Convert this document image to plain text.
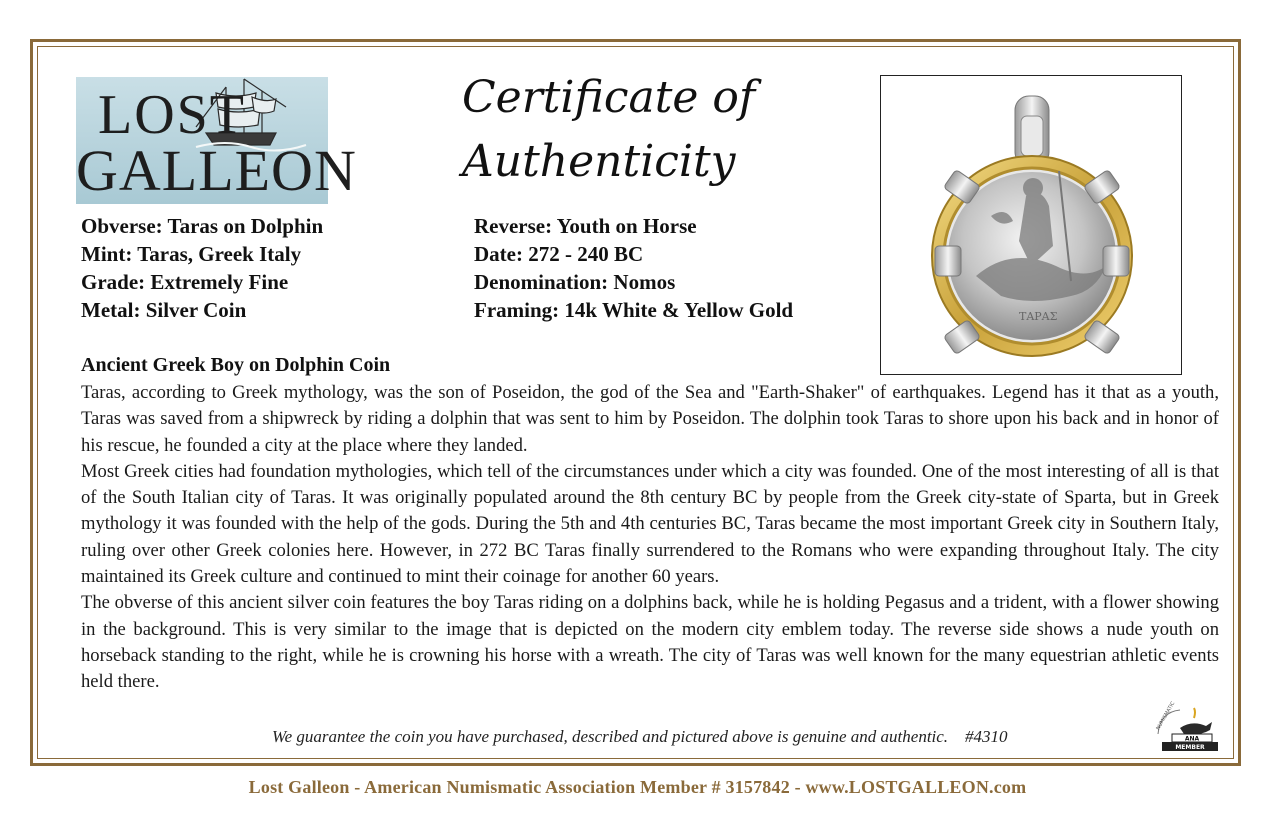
LOST
GALLEON
Certificate of
Authenticity
ΤΑΡΑΣ
Obverse: Taras on Dolphin
Mint: Taras, Greek Italy
Grade: Extremely Fine
Metal: Silver Coin
Reverse: Youth on Horse
Date: 272 - 240 BC
Denomination: Nomos
Framing: 14k White & Yellow Gold
Ancient Greek Boy on Dolphin Coin

Taras, according to Greek mythology, was the son of Poseidon, the god of the Sea and "Earth-Shaker" of earthquakes. Legend has it that as a youth, Taras was saved from a shipwreck by riding a dolphin that was sent to him by Poseidon. The dolphin took Taras to shore upon his back and in honor of his rescue, he founded a city at the place where they landed.

Most Greek cities had foundation mythologies, which tell of the circumstances under which a city was founded. One of the most interesting of all is that of the South Italian city of Taras. It was originally populated around the 8th century BC by people from the Greek city-state of Sparta, but in Greek mythology it was founded with the help of the gods. During the 5th and 4th centuries BC, Taras became the most important Greek city in Southern Italy, ruling over other Greek colonies here. However, in 272 BC Taras finally surrendered to the Romans who were expanding throughout Italy. The city maintained its Greek culture and continued to mint their coinage for another 60 years.

The obverse of this ancient silver coin features the boy Taras riding on a dolphins back, while he is holding Pegasus and a trident, with a flower showing in the background. This is very similar to the image that is depicted on the modern city emblem today. The reverse side shows a nude youth on horseback standing to the right, while he is crowning his horse with a wreath. The city of Taras was well known for the many equestrian athletic events held there.

We guarantee the coin you have purchased, described and pictured above is genuine and authentic.    #4310
NUMISMATIC
ANA
MEMBER
Lost Galleon - American Numismatic Association Member # 3157842 - www.LOSTGALLEON.com
